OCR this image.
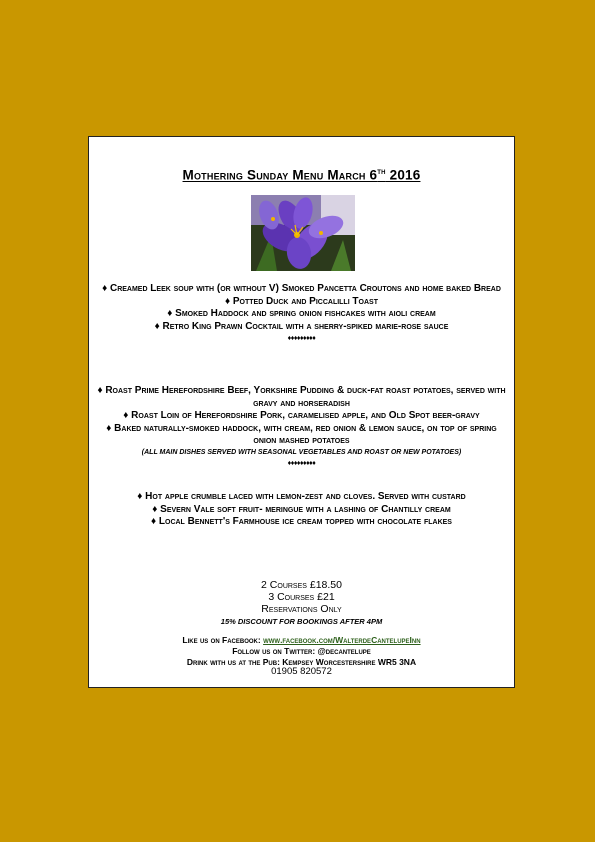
Mothering Sunday Menu March 6th 2016

♦ Creamed Leek soup with (or without V) Smoked Pancetta Croutons and home baked Bread

♦ Potted Duck and Piccalilli Toast

♦ Smoked Haddock and spring onion fishcakes with aioli cream

♦ Retro King Prawn Cocktail with a sherry-spiked marie-rose sauce

♦♦♦♦♦♦♦♦♦

♦ Roast Prime Herefordshire Beef, Yorkshire Pudding & duck-fat roast potatoes, served with gravy and horseradish

♦ Roast Loin of Herefordshire Pork, caramelised apple, and Old Spot beer-gravy

♦ Baked naturally-smoked haddock, with cream, red onion & lemon sauce, on top of spring onion mashed potatoes

(ALL MAIN DISHES SERVED WITH SEASONAL VEGETABLES AND ROAST OR NEW POTATOES)

♦♦♦♦♦♦♦♦♦

♦ Hot apple crumble laced with lemon-zest and cloves. Served with custard

♦ Severn Vale soft fruit- meringue with a lashing of Chantilly cream

♦ Local Bennett's Farmhouse ice cream topped with chocolate flakes

2 Courses £18.50
3 Courses £21
Reservations Only
15% DISCOUNT FOR BOOKINGS AFTER 4PM
Like us on Facebook: www.facebook.com/WalterdeCantelupeInn
Follow us on Twitter: @decantelupe
Drink with us at the Pub: Kempsey Worcestershire WR5 3NA
01905 820572
